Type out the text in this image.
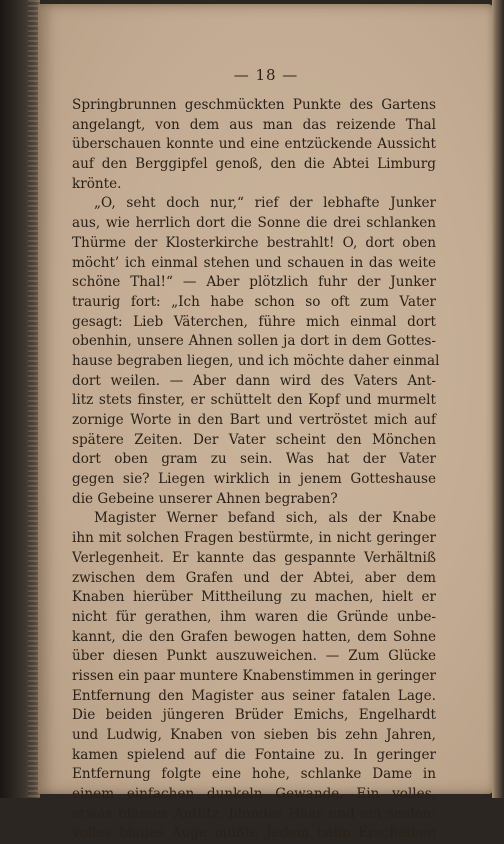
— 18 —
Springbrunnen geschmückten Punkte des Gartens
angelangt, von dem aus man das reizende Thal
überschauen konnte und eine entzückende Aussicht
auf den Berggipfel genoß, den die Abtei Limburg
krönte.
„O, seht doch nur,“ rief der lebhafte Junker
aus, wie herrlich dort die Sonne die drei schlanken
Thürme der Klosterkirche bestrahlt! O, dort oben
möcht’ ich einmal stehen und schauen in das weite
schöne Thal!“ — Aber plötzlich fuhr der Junker
traurig fort: „Ich habe schon so oft zum Vater
gesagt: Lieb Väterchen, führe mich einmal dort
obenhin, unsere Ahnen sollen ja dort in dem Gottes-
hause begraben liegen, und ich möchte daher einmal
dort weilen. — Aber dann wird des Vaters Ant-
litz stets finster, er schüttelt den Kopf und murmelt
zornige Worte in den Bart und vertröstet mich auf
spätere Zeiten. Der Vater scheint den Mönchen
dort oben gram zu sein. Was hat der Vater
gegen sie? Liegen wirklich in jenem Gotteshause
die Gebeine unserer Ahnen begraben?
Magister Werner befand sich, als der Knabe
ihn mit solchen Fragen bestürmte, in nicht geringer
Verlegenheit. Er kannte das gespannte Verhältniß
zwischen dem Grafen und der Abtei, aber dem
Knaben hierüber Mittheilung zu machen, hielt er
nicht für gerathen, ihm waren die Gründe unbe-
kannt, die den Grafen bewogen hatten, dem Sohne
über diesen Punkt auszuweichen. — Zum Glücke
rissen ein paar muntere Knabenstimmen in geringer
Entfernung den Magister aus seiner fatalen Lage.
Die beiden jüngeren Brüder Emichs, Engelhardt
und Ludwig, Knaben von sieben bis zehn Jahren,
kamen spielend auf die Fontaine zu. In geringer
Entfernung folgte eine hohe, schlanke Dame in
einem einfachen dunkeln Gewande. Ein volles,
etwas blasses Antlitz, blondes Haar und ein seelen-
volles blaues Auge mußte Jedem beim Erscheinen
